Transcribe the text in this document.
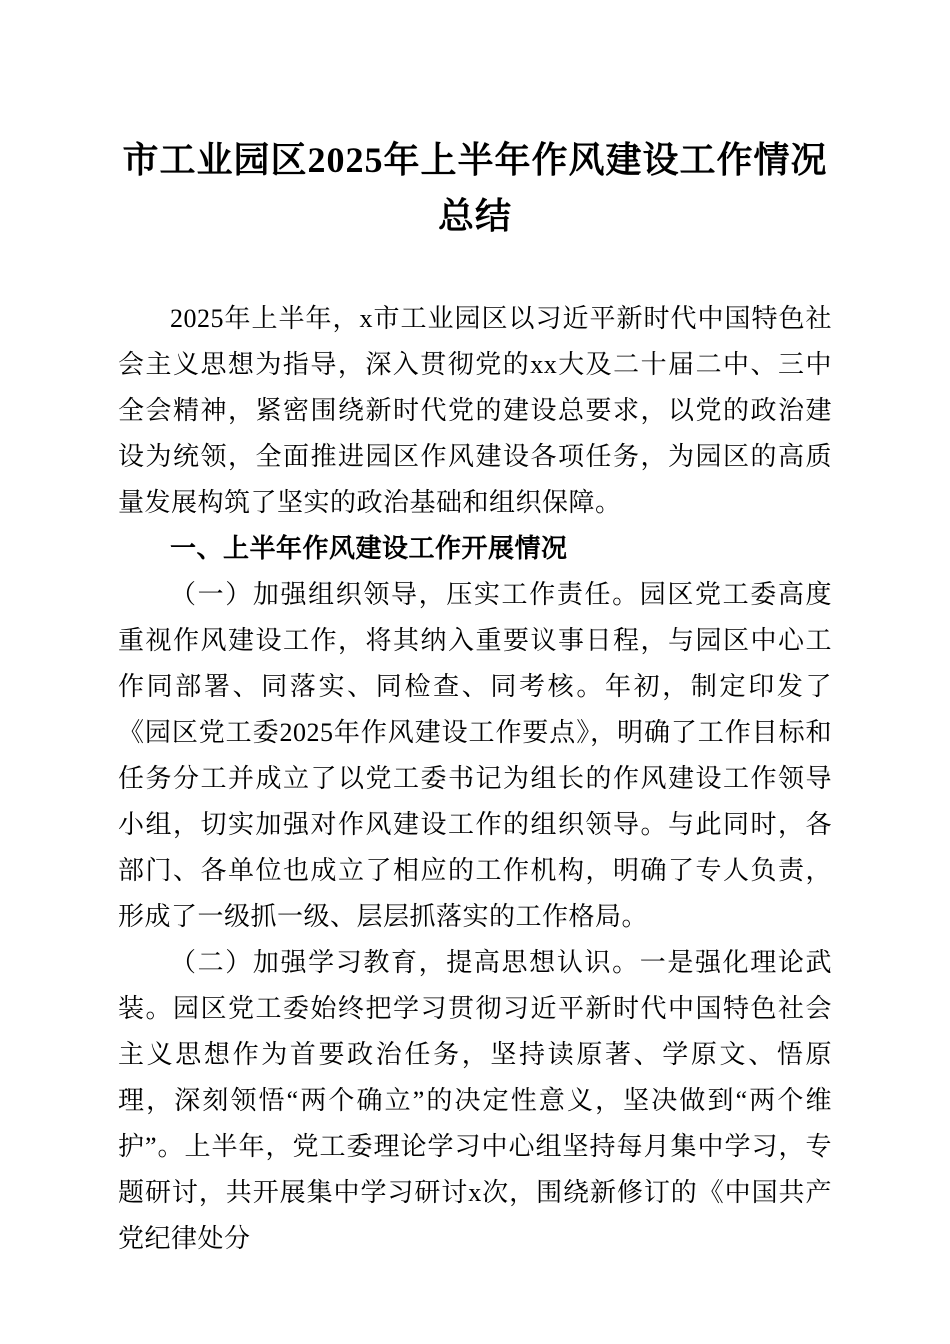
市工业园区2025年上半年作风建设工作情况总结

2025年上半年，x市工业园区以习近平新时代中国特色社会主义思想为指导，深入贯彻党的xx大及二十届二中、三中全会精神，紧密围绕新时代党的建设总要求，以党的政治建设为统领，全面推进园区作风建设各项任务，为园区的高质量发展构筑了坚实的政治基础和组织保障。

一、上半年作风建设工作开展情况

（一）加强组织领导，压实工作责任。园区党工委高度重视作风建设工作，将其纳入重要议事日程，与园区中心工作同部署、同落实、同检查、同考核。年初，制定印发了《园区党工委2025年作风建设工作要点》，明确了工作目标和任务分工并成立了以党工委书记为组长的作风建设工作领导小组，切实加强对作风建设工作的组织领导。与此同时，各部门、各单位也成立了相应的工作机构，明确了专人负责，形成了一级抓一级、层层抓落实的工作格局。

（二）加强学习教育，提高思想认识。一是强化理论武装。园区党工委始终把学习贯彻习近平新时代中国特色社会主义思想作为首要政治任务，坚持读原著、学原文、悟原理，深刻领悟“两个确立”的决定性意义，坚决做到“两个维护”。上半年，党工委理论学习中心组坚持每月集中学习，专题研讨，共开展集中学习研讨x次，围绕新修订的《中国共产党纪律处分
